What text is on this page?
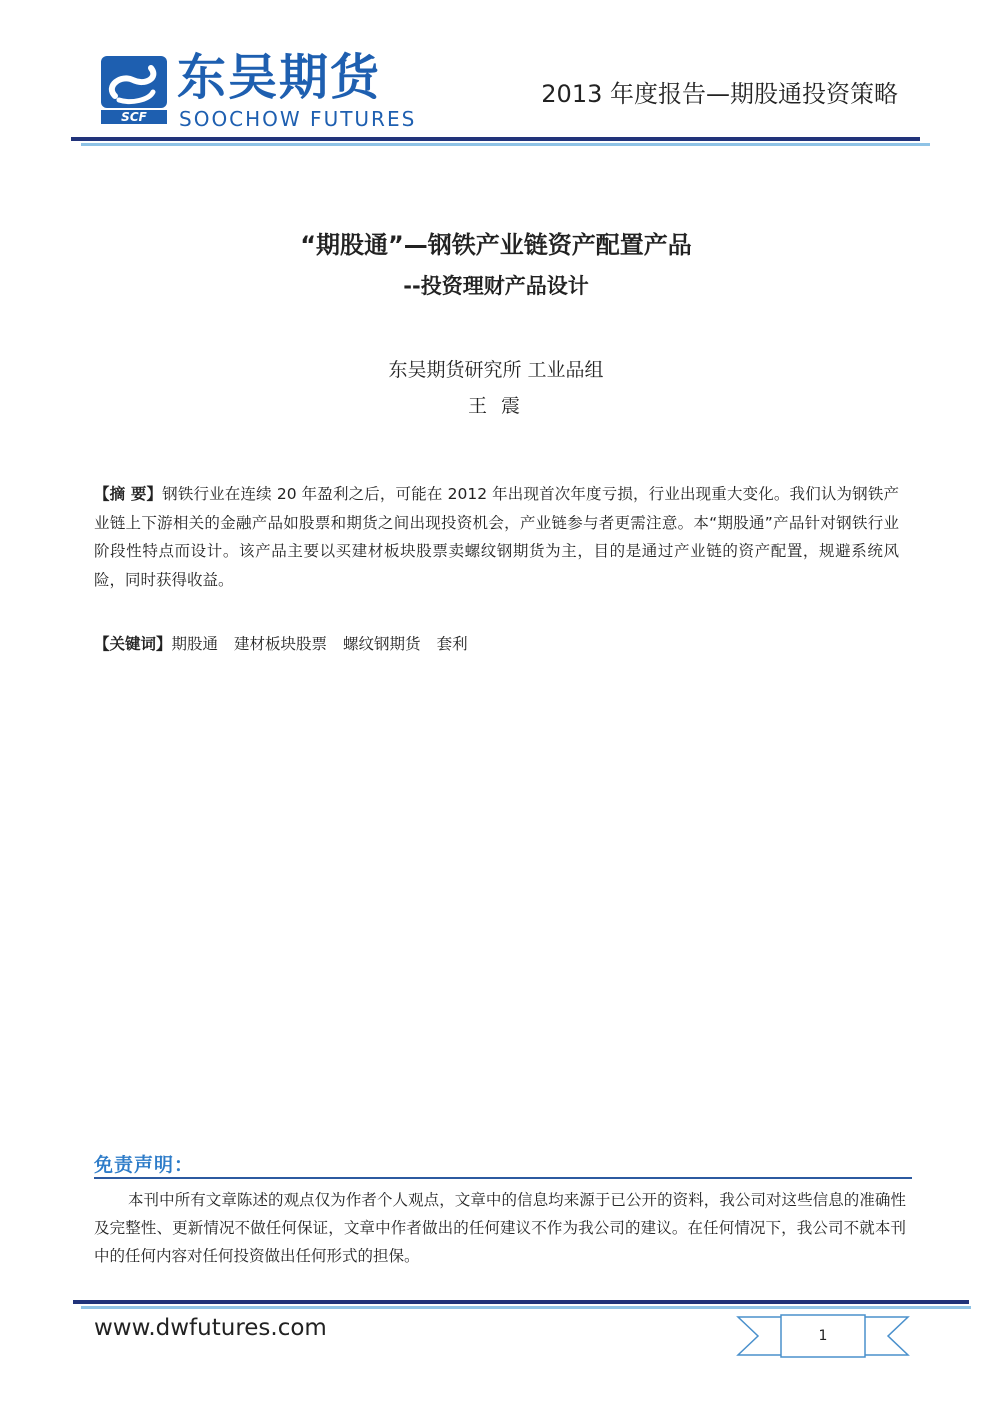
SCF
东吴期货
SOOCHOW FUTURES
2013 年度报告—期股通投资策略
“期股通”—钢铁产业链资产配置产品
--投资理财产品设计
东吴期货研究所 工业品组
王 震
【摘 要】钢铁行业在连续 20 年盈利之后，可能在 2012 年出现首次年度亏损，行业出现重大变化。我们认为钢铁产业链上下游相关的金融产品如股票和期货之间出现投资机会，产业链参与者更需注意。本“期股通”产品针对钢铁行业阶段性特点而设计。该产品主要以买建材板块股票卖螺纹钢期货为主，目的是通过产业链的资产配置，规避系统风险，同时获得收益。
【关键词】期股通 建材板块股票 螺纹钢期货 套利
免责声明：
本刊中所有文章陈述的观点仅为作者个人观点，文章中的信息均来源于已公开的资料，我公司对这些信息的准确性及完整性、更新情况不做任何保证，文章中作者做出的任何建议不作为我公司的建议。在任何情况下，我公司不就本刊中的任何内容对任何投资做出任何形式的担保。
www.dwfutures.com	1
